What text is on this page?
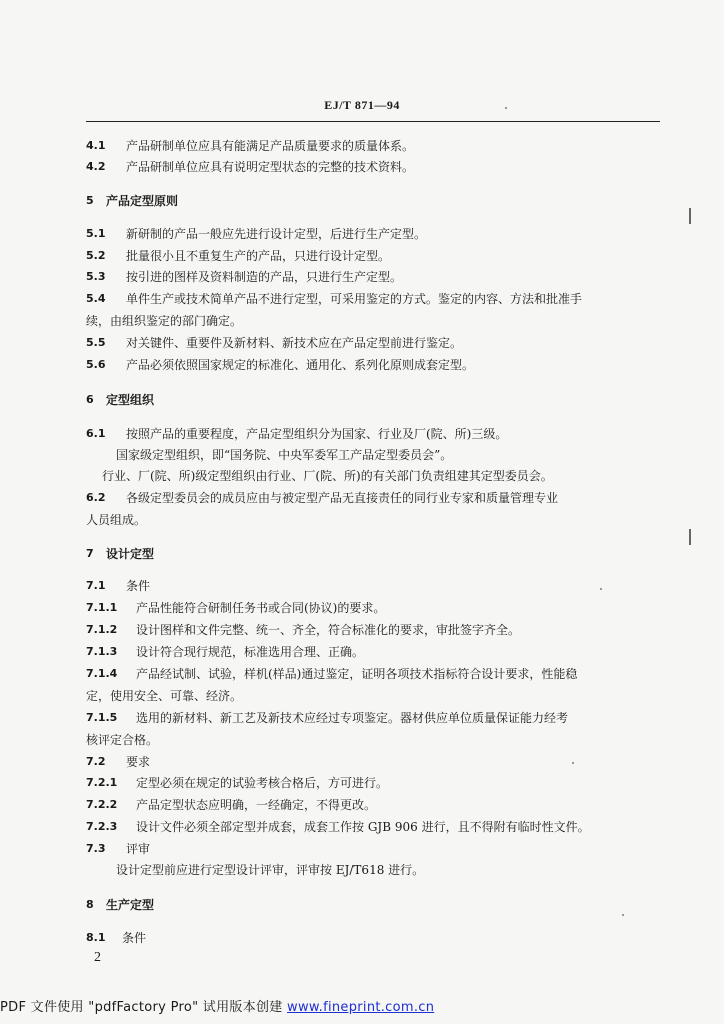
EJ/T 871—94
4.1 产品研制单位应具有能满足产品质量要求的质量体系。
4.2 产品研制单位应具有说明定型状态的完整的技术资料。
5 产品定型原则
5.1 新研制的产品一般应先进行设计定型，后进行生产定型。
5.2 批量很小且不重复生产的产品，只进行设计定型。
5.3 按引进的图样及资料制造的产品，只进行生产定型。
5.4 单件生产或技术简单产品不进行定型，可采用鉴定的方式。鉴定的内容、方法和批准手
续，由组织鉴定的部门确定。
5.5 对关键件、重要件及新材料、新技术应在产品定型前进行鉴定。
5.6 产品必须依照国家规定的标准化、通用化、系列化原则成套定型。
6 定型组织
6.1 按照产品的重要程度，产品定型组织分为国家、行业及厂(院、所)三级。
国家级定型组织，即“国务院、中央军委军工产品定型委员会”。
行业、厂(院、所)级定型组织由行业、厂(院、所)的有关部门负责组建其定型委员会。
6.2 各级定型委员会的成员应由与被定型产品无直接责任的同行业专家和质量管理专业
人员组成。
7 设计定型
7.1 条件
7.1.1 产品性能符合研制任务书或合同(协议)的要求。
7.1.2 设计图样和文件完整、统一、齐全，符合标准化的要求，审批签字齐全。
7.1.3 设计符合现行规范，标准选用合理、正确。
7.1.4 产品经试制、试验，样机(样品)通过鉴定，证明各项技术指标符合设计要求，性能稳
定，使用安全、可靠、经济。
7.1.5 选用的新材料、新工艺及新技术应经过专项鉴定。器材供应单位质量保证能力经考
核评定合格。
7.2 要求
7.2.1 定型必须在规定的试验考核合格后，方可进行。
7.2.2 产品定型状态应明确，一经确定，不得更改。
7.2.3 设计文件必须全部定型并成套，成套工作按 GJB 906 进行，且不得附有临时性文件。
7.3 评审
设计定型前应进行定型设计评审，评审按 EJ/T618 进行。
8 生产定型
8.1 条件
2
PDF 文件使用 "pdfFactory Pro" 试用版本创建 www.fineprint.com.cn
